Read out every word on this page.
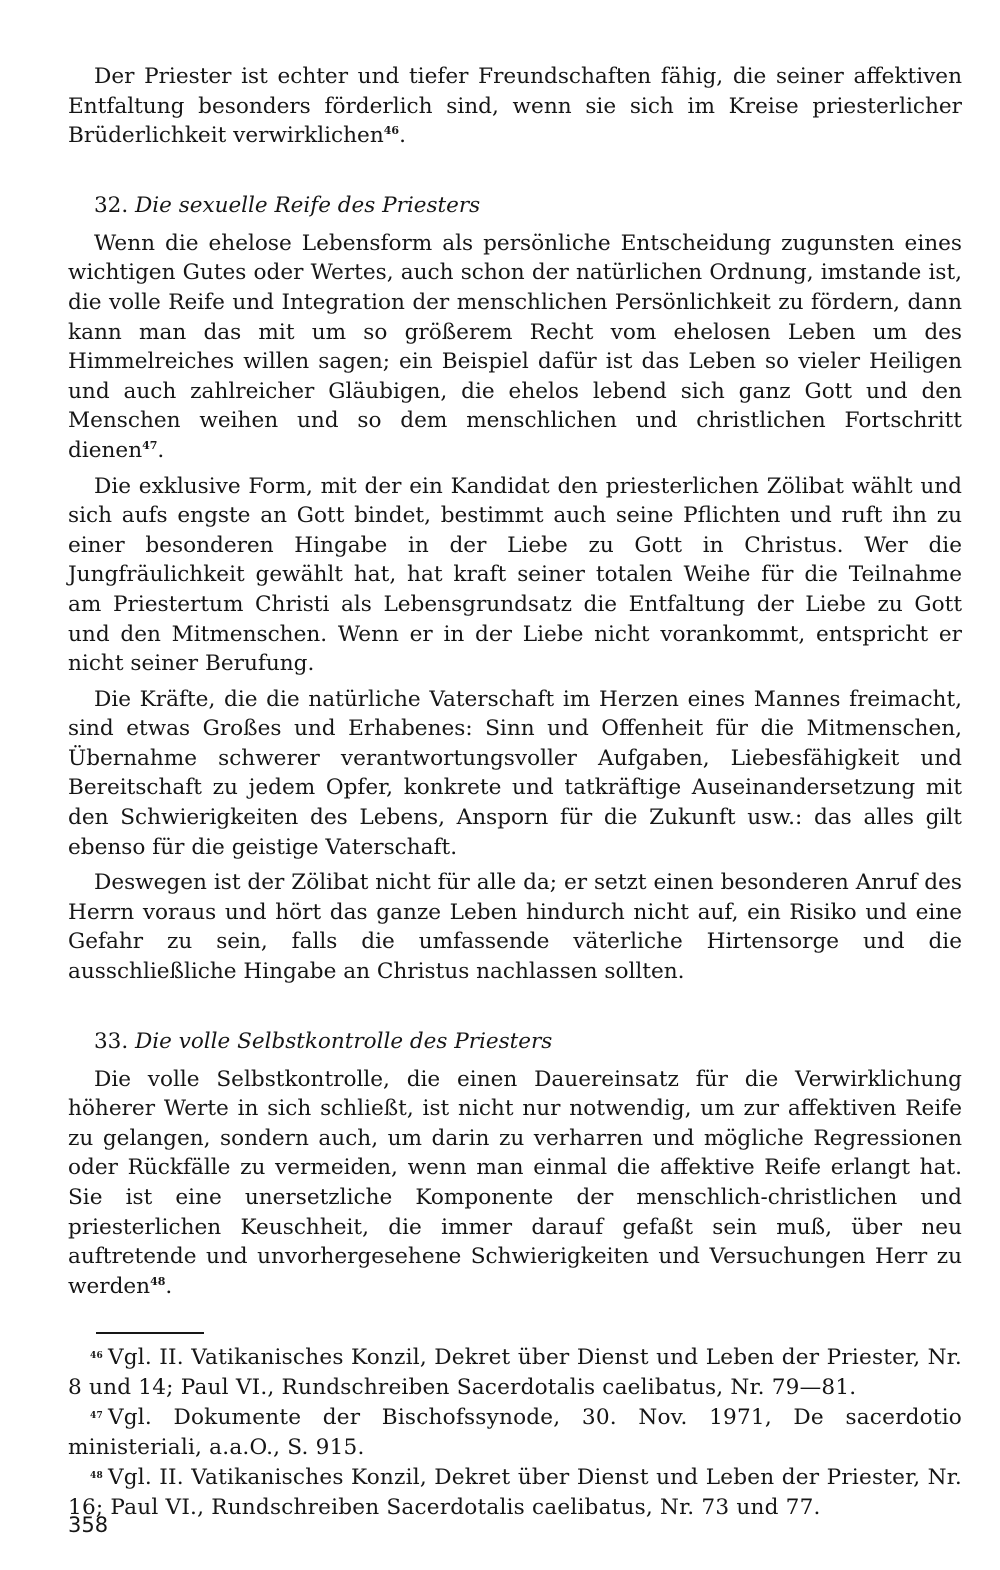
Der Priester ist echter und tiefer Freundschaften fähig, die seiner affektiven Entfaltung besonders förderlich sind, wenn sie sich im Kreise priesterlicher Brüderlichkeit verwirklichen$^{46}$.

32. Die sexuelle Reife des Priesters

Wenn die ehelose Lebensform als persönliche Entscheidung zugunsten eines wichtigen Gutes oder Wertes, auch schon der natürlichen Ordnung, imstande ist, die volle Reife und Integration der menschlichen Persönlichkeit zu fördern, dann kann man das mit um so größerem Recht vom ehelosen Leben um des Himmelreiches willen sagen; ein Beispiel dafür ist das Leben so vieler Heiligen und auch zahlreicher Gläubigen, die ehelos lebend sich ganz Gott und den Menschen weihen und so dem menschlichen und christlichen Fortschritt dienen$^{47}$.

Die exklusive Form, mit der ein Kandidat den priesterlichen Zölibat wählt und sich aufs engste an Gott bindet, bestimmt auch seine Pflichten und ruft ihn zu einer besonderen Hingabe in der Liebe zu Gott in Christus. Wer die Jungfräulichkeit gewählt hat, hat kraft seiner totalen Weihe für die Teilnahme am Priestertum Christi als Lebensgrundsatz die Entfaltung der Liebe zu Gott und den Mitmenschen. Wenn er in der Liebe nicht vorankommt, entspricht er nicht seiner Berufung.

Die Kräfte, die die natürliche Vaterschaft im Herzen eines Mannes freimacht, sind etwas Großes und Erhabenes: Sinn und Offenheit für die Mitmenschen, Übernahme schwerer verantwortungsvoller Aufgaben, Liebesfähigkeit und Bereitschaft zu jedem Opfer, konkrete und tatkräftige Auseinandersetzung mit den Schwierigkeiten des Lebens, Ansporn für die Zukunft usw.: das alles gilt ebenso für die geistige Vaterschaft.

Deswegen ist der Zölibat nicht für alle da; er setzt einen besonderen Anruf des Herrn voraus und hört das ganze Leben hindurch nicht auf, ein Risiko und eine Gefahr zu sein, falls die umfassende väterliche Hirtensorge und die ausschließliche Hingabe an Christus nachlassen sollten.

33. Die volle Selbstkontrolle des Priesters

Die volle Selbstkontrolle, die einen Dauereinsatz für die Verwirklichung höherer Werte in sich schließt, ist nicht nur notwendig, um zur affektiven Reife zu gelangen, sondern auch, um darin zu verharren und mögliche Regressionen oder Rückfälle zu vermeiden, wenn man einmal die affektive Reife erlangt hat. Sie ist eine unersetzliche Komponente der menschlich-christlichen und priesterlichen Keuschheit, die immer darauf gefaßt sein muß, über neu auftretende und unvorhergesehene Schwierigkeiten und Versuchungen Herr zu werden$^{48}$.

$^{46}$ Vgl. II. Vatikanisches Konzil, Dekret über Dienst und Leben der Priester, Nr. 8 und 14; Paul VI., Rundschreiben Sacerdotalis caelibatus, Nr. 79—81.

$^{47}$ Vgl. Dokumente der Bischofssynode, 30. Nov. 1971, De sacerdotio ministeriali, a.a.O., S. 915.

$^{48}$ Vgl. II. Vatikanisches Konzil, Dekret über Dienst und Leben der Priester, Nr. 16; Paul VI., Rundschreiben Sacerdotalis caelibatus, Nr. 73 und 77.

358
